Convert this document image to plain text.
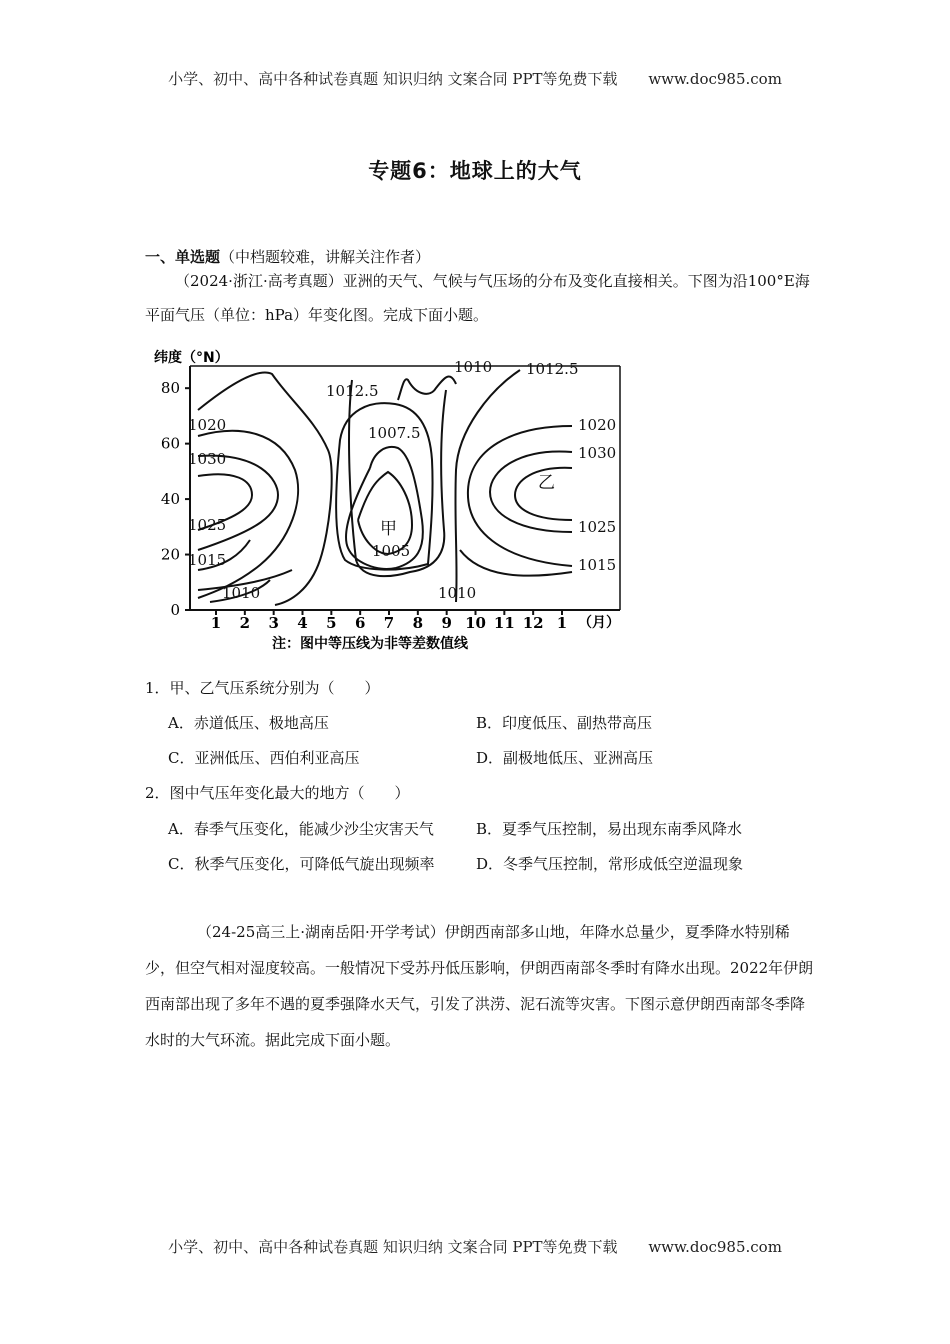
小学、初中、高中各种试卷真题 知识归纳 文案合同 PPT等免费下载 www.doc985.com
专题6：地球上的大气
一、单选题（中档题较难，讲解关注作者）
（2024·浙江·高考真题）亚洲的天气、气候与气压场的分布及变化直接相关。下图为沿100°E海平面气压（单位：hPa）年变化图。完成下面小题。
纬度（°N）
0
20
40
60
80
1 2 3 4 5 6 7 8 9 10 11 12 1 （月）
1012.5
1010 1012.5
1020	1007.5	1020
1030	1030
乙
甲
1025	1025
1005
1015	1015
1010	1010
注：图中等压线为非等差数值线
1．甲、乙气压系统分别为（　　）
A．赤道低压、极地高压	B．印度低压、副热带高压
C．亚洲低压、西伯利亚高压	D．副极地低压、亚洲高压
2．图中气压年变化最大的地方（　　）
A．春季气压变化，能减少沙尘灾害天气	B．夏季气压控制，易出现东南季风降水
C．秋季气压变化，可降低气旋出现频率	D．冬季气压控制，常形成低空逆温现象
（24-25高三上·湖南岳阳·开学考试）伊朗西南部多山地，年降水总量少，夏季降水特别稀少，但空气相对湿度较高。一般情况下受苏丹低压影响，伊朗西南部冬季时有降水出现。2022年伊朗西南部出现了多年不遇的夏季强降水天气，引发了洪涝、泥石流等灾害。下图示意伊朗西南部冬季降水时的大气环流。据此完成下面小题。
小学、初中、高中各种试卷真题 知识归纳 文案合同 PPT等免费下载 www.doc985.com
